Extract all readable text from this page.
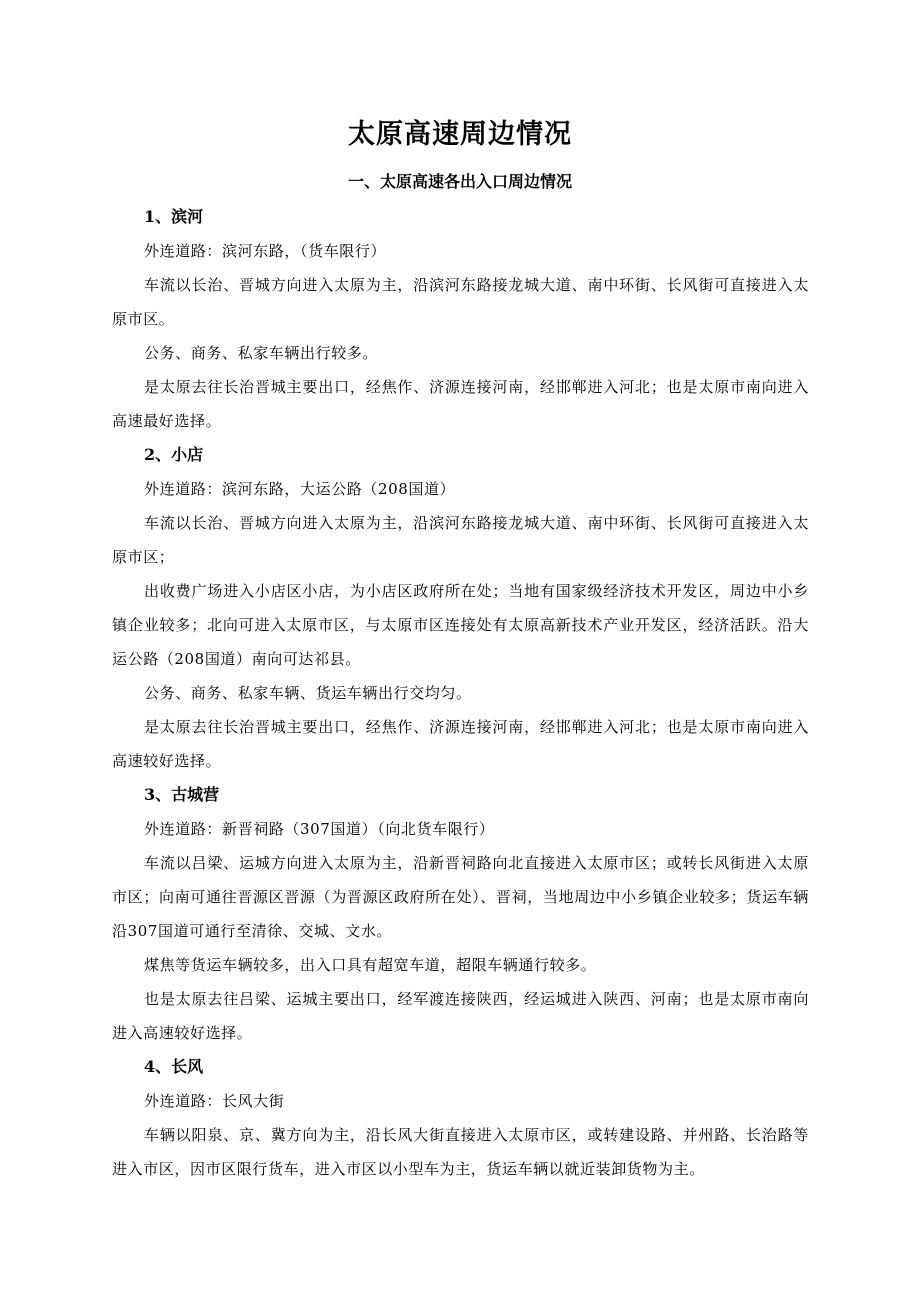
太原高速周边情况
一、太原高速各出入口周边情况

1、滨河

外连道路：滨河东路，（货车限行）

车流以长治、晋城方向进入太原为主，沿滨河东路接龙城大道、南中环街、长风街可直接进入太原市区。

公务、商务、私家车辆出行较多。

是太原去往长治晋城主要出口，经焦作、济源连接河南，经邯郸进入河北；也是太原市南向进入高速最好选择。

2、小店

外连道路：滨河东路，大运公路（208国道）

车流以长治、晋城方向进入太原为主，沿滨河东路接龙城大道、南中环街、长风街可直接进入太原市区；

出收费广场进入小店区小店，为小店区政府所在处；当地有国家级经济技术开发区，周边中小乡镇企业较多；北向可进入太原市区，与太原市区连接处有太原高新技术产业开发区，经济活跃。沿大运公路（208国道）南向可达祁县。

公务、商务、私家车辆、货运车辆出行交均匀。

是太原去往长治晋城主要出口，经焦作、济源连接河南，经邯郸进入河北；也是太原市南向进入高速较好选择。

3、古城营

外连道路：新晋祠路（307国道）（向北货车限行）

车流以吕梁、运城方向进入太原为主，沿新晋祠路向北直接进入太原市区；或转长风街进入太原市区；向南可通往晋源区晋源（为晋源区政府所在处）、晋祠，当地周边中小乡镇企业较多；货运车辆沿307国道可通行至清徐、交城、文水。

煤焦等货运车辆较多，出入口具有超宽车道，超限车辆通行较多。

也是太原去往吕梁、运城主要出口，经军渡连接陕西，经运城进入陕西、河南；也是太原市南向进入高速较好选择。

4、长风

外连道路：长风大街

车辆以阳泉、京、冀方向为主，沿长风大街直接进入太原市区，或转建设路、并州路、长治路等进入市区，因市区限行货车，进入市区以小型车为主，货运车辆以就近装卸货物为主。
